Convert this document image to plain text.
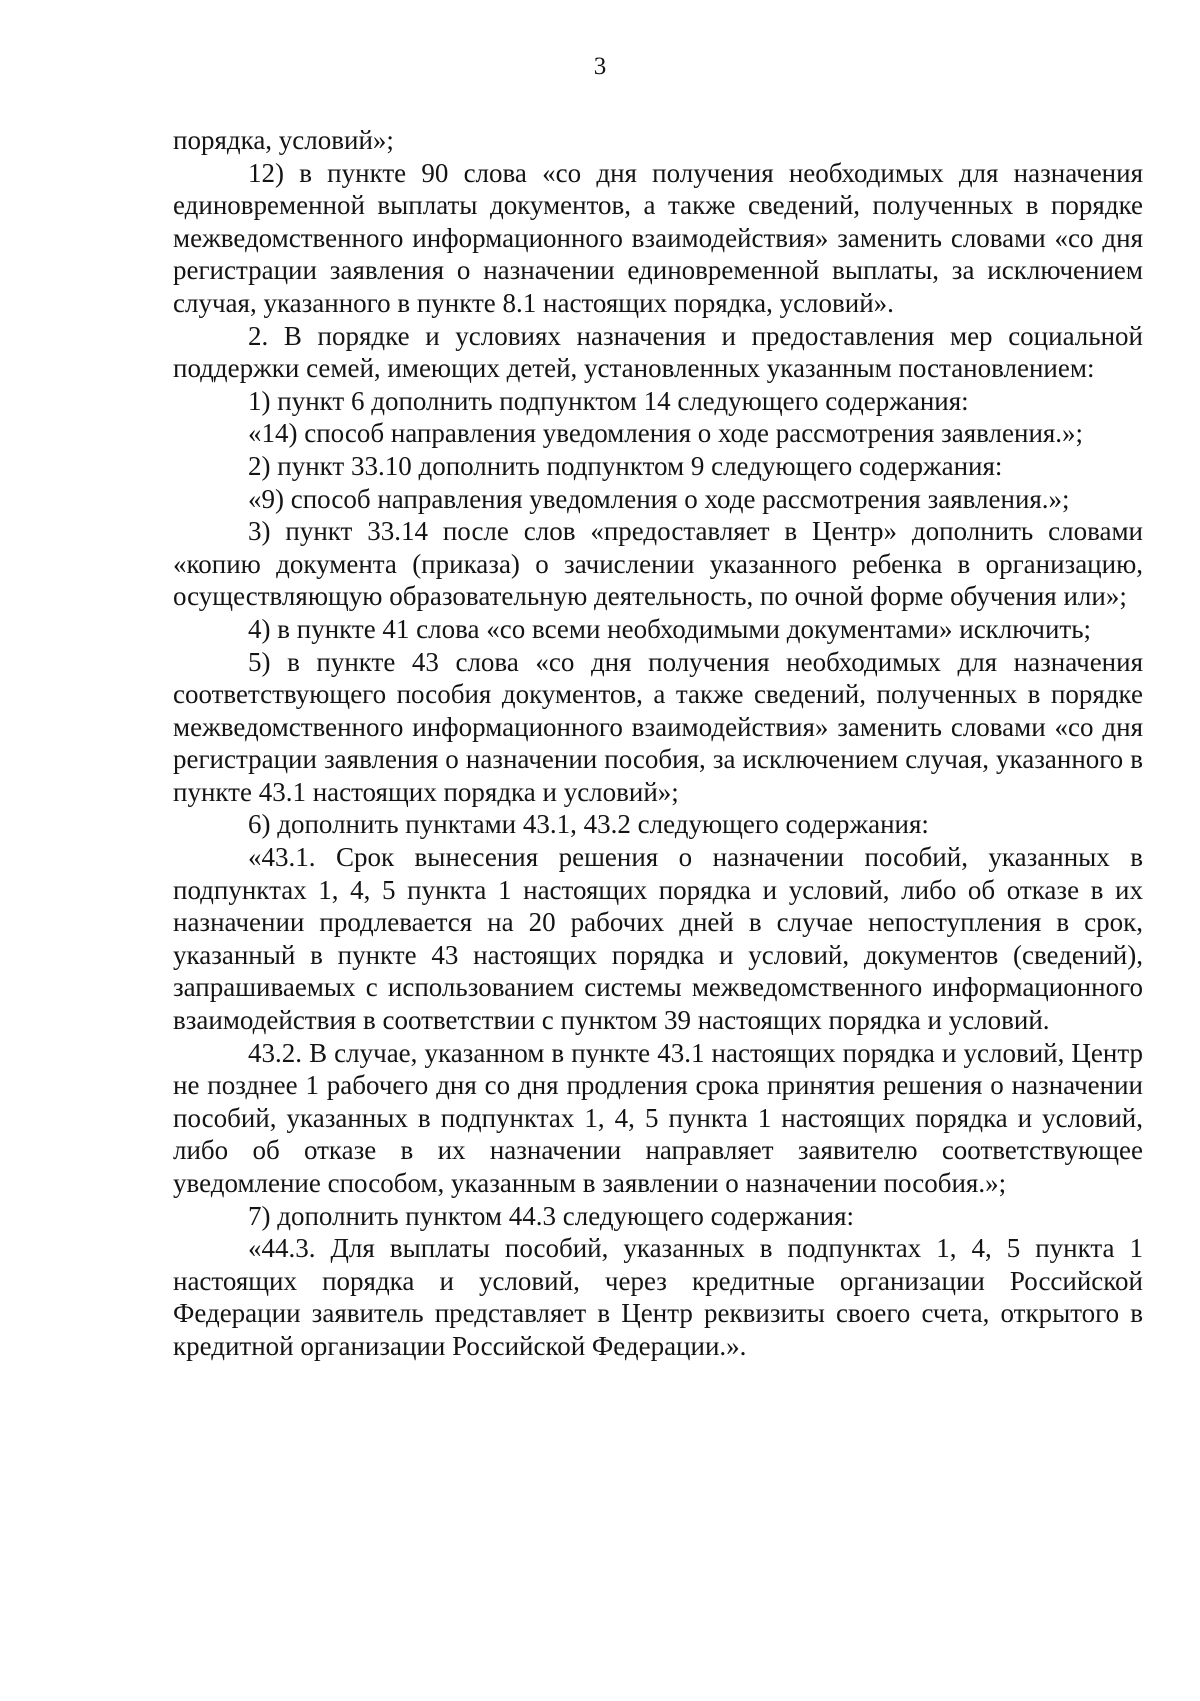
3

порядка, условий»;

12) в пункте 90 слова «со дня получения необходимых для назначения единовременной выплаты документов, а также сведений, полученных в порядке межведомственного информационного взаимодействия» заменить словами «со дня регистрации заявления о назначении единовременной выплаты, за исключением случая, указанного в пункте 8.1 настоящих порядка, условий».

2. В порядке и условиях назначения и предоставления мер социальной поддержки семей, имеющих детей, установленных указанным постановлением:

1) пункт 6 дополнить подпунктом 14 следующего содержания:

«14) способ направления уведомления о ходе рассмотрения заявления.»;

2) пункт 33.10 дополнить подпунктом 9 следующего содержания:

«9) способ направления уведомления о ходе рассмотрения заявления.»;

3) пункт 33.14 после слов «предоставляет в Центр» дополнить словами «копию документа (приказа) о зачислении указанного ребенка в организацию, осуществляющую образовательную деятельность, по очной форме обучения или»;

4) в пункте 41 слова «со всеми необходимыми документами» исключить;

5) в пункте 43 слова «со дня получения необходимых для назначения соответствующего пособия документов, а также сведений, полученных в порядке межведомственного информационного взаимодействия» заменить словами «со дня регистрации заявления о назначении пособия, за исключением случая, указанного в пункте 43.1 настоящих порядка и условий»;

6) дополнить пунктами 43.1, 43.2 следующего содержания:

«43.1. Срок вынесения решения о назначении пособий, указанных в подпунктах 1, 4, 5 пункта 1 настоящих порядка и условий, либо об отказе в их назначении продлевается на 20 рабочих дней в случае непоступления в срок, указанный в пункте 43 настоящих порядка и условий, документов (сведений), запрашиваемых с использованием системы межведомственного информационного взаимодействия в соответствии с пунктом 39 настоящих порядка и условий.

43.2. В случае, указанном в пункте 43.1 настоящих порядка и условий, Центр не позднее 1 рабочего дня со дня продления срока принятия решения о назначении пособий, указанных в подпунктах 1, 4, 5 пункта 1 настоящих порядка и условий, либо об отказе в их назначении направляет заявителю соответствующее уведомление способом, указанным в заявлении о назначении пособия.»;

7) дополнить пунктом 44.3 следующего содержания:

«44.3. Для выплаты пособий, указанных в подпунктах 1, 4, 5 пункта 1 настоящих порядка и условий, через кредитные организации Российской Федерации заявитель представляет в Центр реквизиты своего счета, открытого в кредитной организации Российской Федерации.».
